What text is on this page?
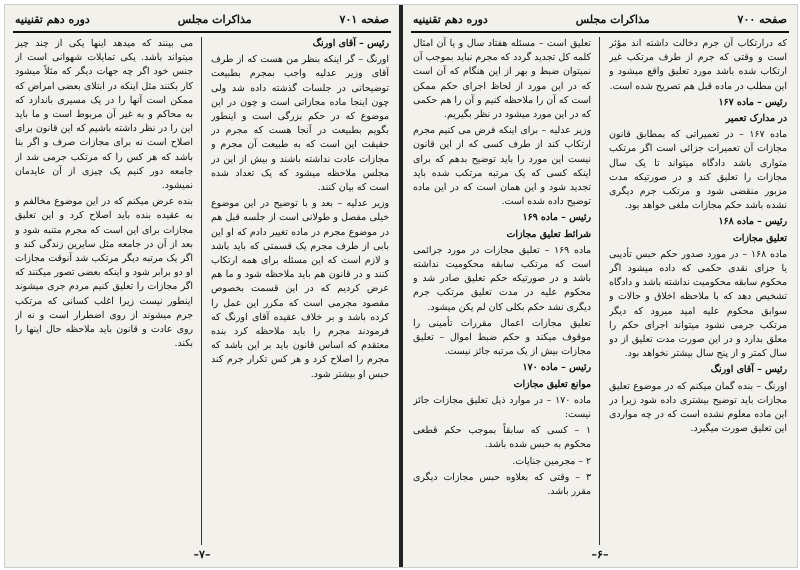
صفحه ۷۰۱
مذاکرات مجلس
دوره دهم تقنینیه

رئیس – آقای اورنگ

اورنگ – گر اینکه بنظر من هست که از طرف آقای وزیر عدلیه واجب بمجرم بطبیعت توضیحاتی در جلسات گذشته داده شد ولی چون اینجا ماده مجازاتی است و چون در این موضوع که در حکم بزرگی است و اینطور بگویم بطبیعت در آنجا هست که مجرم در حقیقت این است که به طبیعت آن مجرم و مجازات عادت نداشته باشند و بیش از این در مجلس ملاحظه میشود که یک تعداد شده است که بیان کنند.

وزیر عدلیه – بعد و با توضیح در این موضوع خیلی مفصل و طولانی است از جلسه قبل هم در موضوع مجرم در ماده تغییر دادم که او این بابی از طرف مجرم یک قسمتی که باید باشد و لازم است که این مسئله برای همه ارتکاب کنند و در قانون هم باید ملاحظه شود و ما هم عرض کردیم که در این قسمت بخصوص مقصود مجرمی است که مکرر این عمل را کرده باشد و بر خلاف عقیده آقای اورنگ که فرمودند مجرم را باید ملاحظه کرد بنده معتقدم که اساس قانون باید بر این باشد که مجرم را اصلاح کرد و هر کس تکرار جرم کند حبس او بیشتر شود.

می بینند که میدهد اینها یکی از چند چیز میتواند باشد. یکی تمایلات شهوانی است از جنس خود اگر چه جهات دیگر که مثلاً میشود کار بکنند مثل اینکه در ابتلای بعضی امراض که ممکن است آنها را در یک مسیری باندازد که به محاکم و به غیر آن مربوط است و ما باید این را در نظر داشته باشیم که این قانون برای اصلاح است نه برای مجازات صرف و اگر بنا باشد که هر کس را که مرتکب جرمی شد از جامعه دور کنیم یک چیزی از آن عایدمان نمیشود.

بنده عرض میکنم که در این موضوع مخالفم و به عقیده بنده باید اصلاح کرد و این تعلیق مجازات برای این است که مجرم متنبه شود و بعد از آن در جامعه مثل سایرین زندگی کند و اگر یک مرتبه دیگر مرتکب شد آنوقت مجازات او دو برابر شود و اینکه بعضی تصور میکنند که اگر مجازات را تعلیق کنیم مردم جری میشوند اینطور نیست زیرا اغلب کسانی که مرتکب جرم میشوند از روی اضطرار است و نه از روی عادت و قانون باید ملاحظه حال اینها را بکند.

–۷–
صفحه ۷۰۰
مذاکرات مجلس
دوره دهم تقنینیه

که درارتکاب آن جرم دخالت داشته اند مؤثر است و وقتی که جرم از طرف مرتکب غیر ارتکاب شده باشد مورد تعلیق واقع میشود و این مطلب در ماده قبل هم تصریح شده است.

رئیس – ماده ۱۶۷

در مدارک تعمیر

ماده ۱۶۷ – در تعمیراتی که بمطابق قانون مجازات آن تعمیرات جزائی است اگر مرتکب متواری باشد دادگاه میتواند تا یک سال مجازات را تعلیق کند و در صورتیکه مدت مزبور منقضی شود و مرتکب جرم دیگری نشده باشد حکم مجازات ملغی خواهد بود.

رئیس – ماده ۱۶۸

تعلیق مجازات

ماده ۱۶۸ – در مورد صدور حکم حبس تأدیبی یا جزای نقدی حکمی که داده میشود اگر محکوم سابقه محکومیت نداشته باشد و دادگاه تشخیص دهد که با ملاحظه اخلاق و حالات و سوابق محکوم علیه امید میرود که دیگر مرتکب جرمی نشود میتواند اجرای حکم را معلق بدارد و در این صورت مدت تعلیق از دو سال کمتر و از پنج سال بیشتر نخواهد بود.

رئیس – آقای اورنگ

اورنگ – بنده گمان میکنم که در موضوع تعلیق مجازات باید توضیح بیشتری داده شود زیرا در این ماده معلوم نشده است که در چه مواردی این تعلیق صورت میگیرد.

تعلیق است – مسئله هفتاد سال و یا آن امثال کلمه کل تجدید گردد که مجرم نباید بموجب آن نمیتوان ضبط و بهر از این هنگام که آن است که در این مورد از لحاظ اجرای حکم ممکن است که آن را ملاحظه کنیم و آن را هم حکمی که در این مورد میشود در نظر بگیریم.

وزیر عدلیه – برای اینکه فرض می کنیم مجرم ارتکاب کند از طرف کسی که از این قانون نیست این مورد را باید توضیح بدهم که برای اینکه کسی که یک مرتبه مرتکب شده باید تجدید شود و این همان است که در این ماده توضیح داده شده است.

رئیس – ماده ۱۶۹

شرائط تعلیق مجازات

ماده ۱۶۹ – تعلیق مجازات در مورد جرائمی است که مرتکب سابقه محکومیت نداشته باشد و در صورتیکه حکم تعلیق صادر شد و محکوم علیه در مدت تعلیق مرتکب جرم دیگری نشد حکم بکلی کان لم یکن میشود.

تعلیق مجازات اعمال مقررات تأمینی را موقوف میکند و حکم ضبط اموال – تعلیق مجازات بیش از یک مرتبه جائز نیست.

رئیس – ماده ۱۷۰

موانع تعلیق مجازات

ماده ۱۷۰ – در موارد ذیل تعلیق مجازات جائز نیست:

۱ – کسی که سابقاً بموجب حکم قطعی محکوم به حبس شده باشد.

۲ – مجرمین جنایات.

۳ – وقتی که بعلاوه حبس مجازات دیگری مقرر باشد.

–۶–
